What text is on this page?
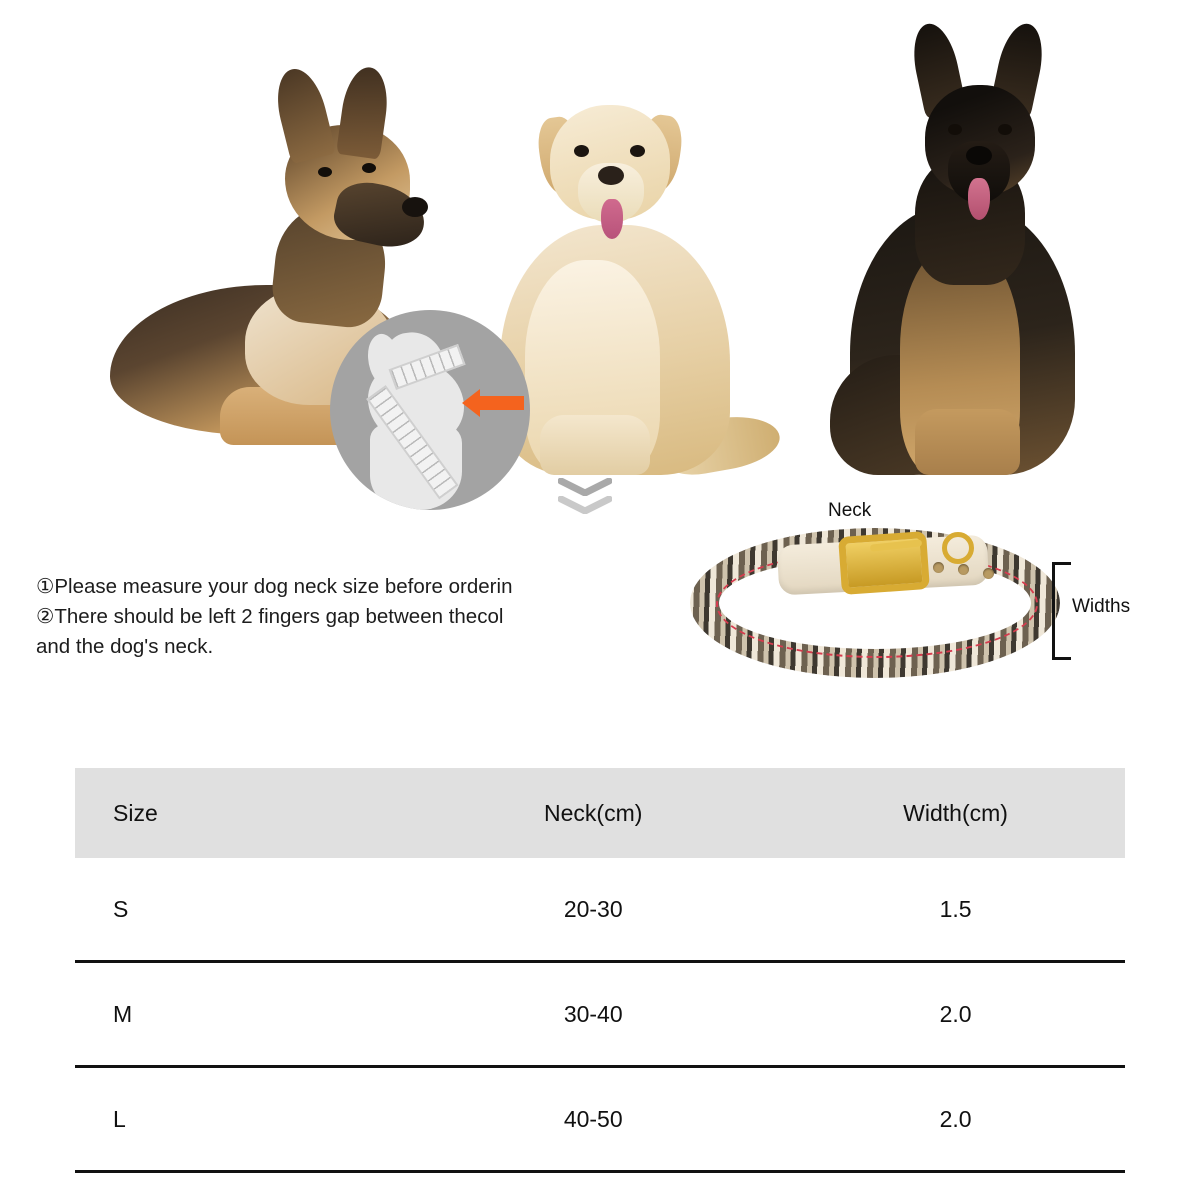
①Please measure your dog neck size before orderin
②There should be left 2 fingers gap between thecol
and the dog's neck.
Neck
Widths
Size	Neck(cm)	Width(cm)
S	20-30	1.5
M	30-40	2.0
L	40-50	2.0
